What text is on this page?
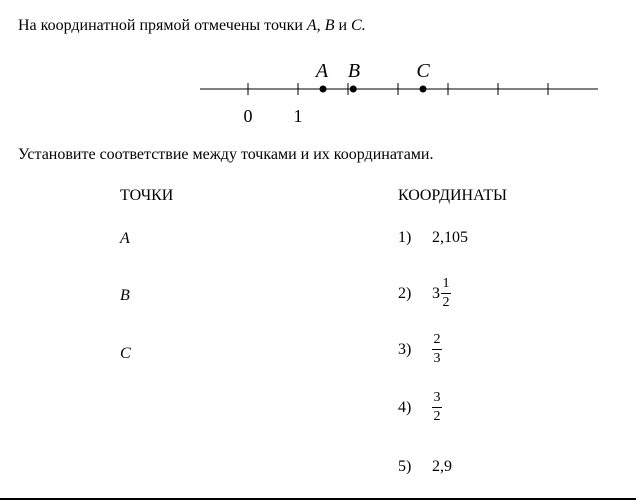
На координатной прямой отмечены точки A, B и C.
0 1
A B	C
Установите соответствие между точками и их координатами.
ТОЧКИ	КООРДИНАТЫ
A
B
C
1)	2,105
2)	$3 \frac{1}{2}$
3)	$\frac{2}{3}$
4)	$\frac{3}{2}$
5)	2,9
